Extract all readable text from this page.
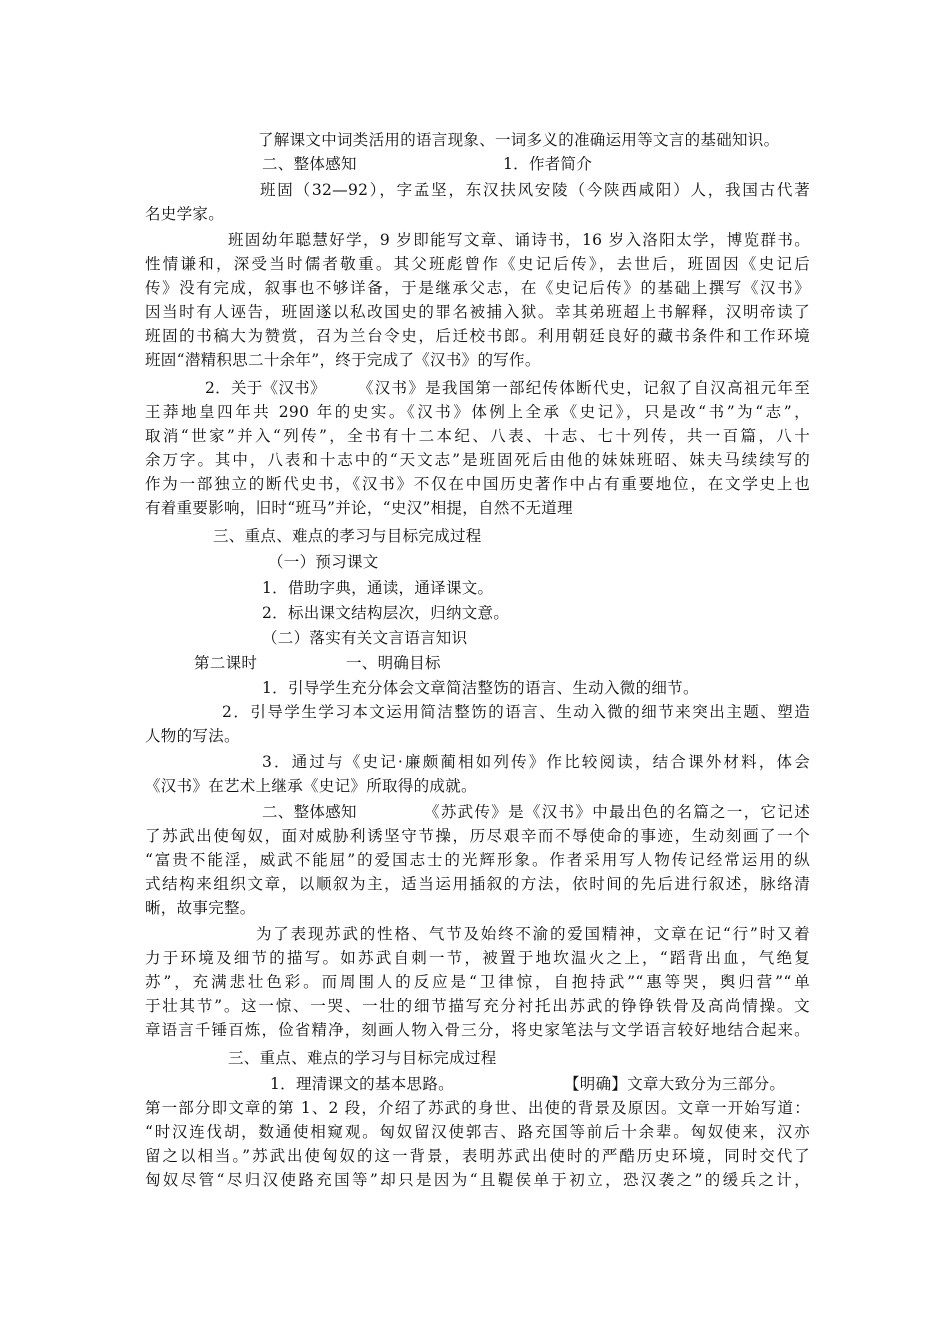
了解课文中词类活用的语言现象、一词多义的准确运用等文言的基础知识。
二、整体感知	1．作者简介
班固（32—92），字孟坚，东汉扶风安陵（今陕西咸阳）人，我国古代著
名史学家。
班固幼年聪慧好学，9 岁即能写文章、诵诗书，16 岁入洛阳太学，博览群书。
性情谦和，深受当时儒者敬重。其父班彪曾作《史记后传》，去世后，班固因《史记后
传》没有完成，叙事也不够详备，于是继承父志，在《史记后传》的基础上撰写《汉书》
因当时有人诬告，班固遂以私改国史的罪名被捕入狱。幸其弟班超上书解释，汉明帝读了
班固的书稿大为赞赏，召为兰台令史，后迁校书郎。利用朝廷良好的藏书条件和工作环境
班固“潜精积思二十余年”，终于完成了《汉书》的写作。
2．关于《汉书》 《汉书》是我国第一部纪传体断代史，记叙了自汉高祖元年至
王莽地皇四年共 290 年的史实。《汉书》体例上全承《史记》，只是改“书”为“志”，
取消“世家”并入“列传”，全书有十二本纪、八表、十志、七十列传，共一百篇，八十
余万字。其中，八表和十志中的“天文志”是班固死后由他的妹妹班昭、妹夫马续续写的
作为一部独立的断代史书，《汉书》不仅在中国历史著作中占有重要地位，在文学史上也
有着重要影响，旧时“班马”并论，“史汉”相提，自然不无道理
三、重点、难点的孝习与目标完成过程
（一）预习课文
1．借助字典，通读，通译课文。
2．标出课文结构层次，归纳文意。
（二）落实有关文言语言知识
第二课时	一、明确目标
1．引导学生充分体会文章简洁整饬的语言、生动入微的细节。
2．引导学生学习本文运用简洁整饬的语言、生动入微的细节来突出主题、塑造
人物的写法。
3．通过与《史记·廉颇蔺相如列传》作比较阅读，结合课外材料，体会
《汉书》在艺术上继承《史记》所取得的成就。
二、整体感知	《苏武传》是《汉书》中最出色的名篇之一，它记述
了苏武出使匈奴，面对威胁利诱坚守节操，历尽艰辛而不辱使命的事迹，生动刻画了一个
“富贵不能淫，威武不能屈”的爱国志士的光辉形象。作者采用写人物传记经常运用的纵
式结构来组织文章，以顺叙为主，适当运用插叙的方法，依时间的先后进行叙述，脉络清
晰，故事完整。
为了表现苏武的性格、气节及始终不渝的爱国精神，文章在记“行”时又着
力于环境及细节的描写。如苏武自刺一节，被置于地坎温火之上，“蹈背出血，气绝复
苏”，充满悲壮色彩。而周围人的反应是“卫律惊，自抱持武”“惠等哭，舆归营”“单
于壮其节”。这一惊、一哭、一壮的细节描写充分衬托出苏武的铮铮铁骨及高尚情操。文
章语言千锤百炼，俭省精净，刻画人物入骨三分，将史家笔法与文学语言较好地结合起来。
三、重点、难点的学习与目标完成过程
1．理清课文的基本思路。	【明确】文章大致分为三部分。
第一部分即文章的第 1、2 段，介绍了苏武的身世、出使的背景及原因。文章一开始写道：
“时汉连伐胡，数通使相窥观。匈奴留汉使郭吉、路充国等前后十余辈。匈奴使来，汉亦
留之以相当。”苏武出使匈奴的这一背景，表明苏武出使时的严酷历史环境，同时交代了
匈奴尽管“尽归汉使路充国等”却只是因为“且鞮侯单于初立，恐汉袭之”的缓兵之计，
